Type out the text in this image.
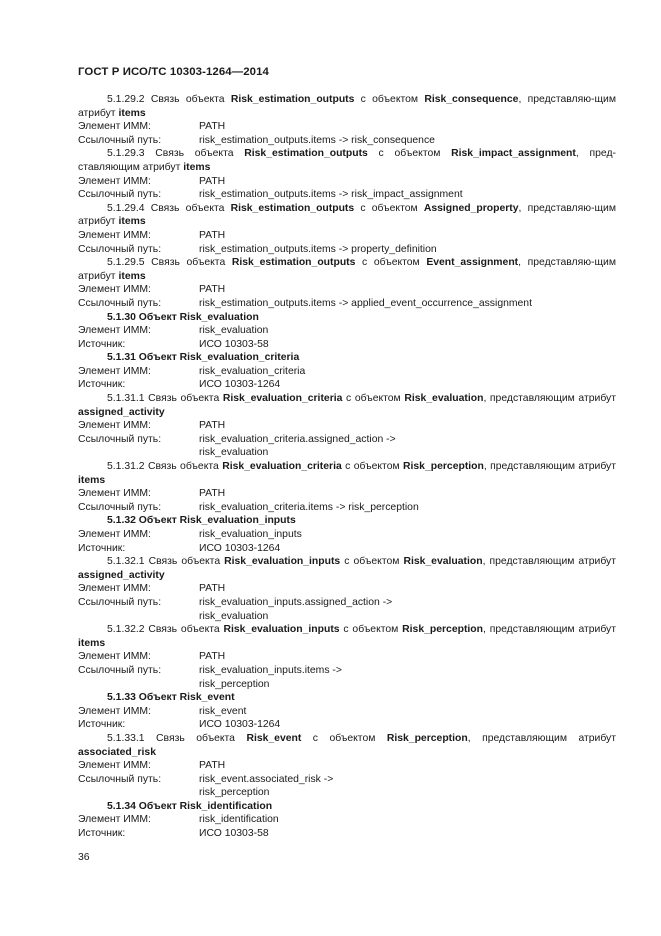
ГОСТ Р ИСО/ТС 10303-1264—2014
5.1.29.2 Связь объекта Risk_estimation_outputs с объектом Risk_consequence, представляю-щим атрибут items
Элемент ИММ:	PATH
Ссылочный путь:	risk_estimation_outputs.items -> risk_consequence
5.1.29.3 Связь объекта Risk_estimation_outputs с объектом Risk_impact_assignment, пред-ставляющим атрибут items
Элемент ИММ:	PATH
Ссылочный путь:	risk_estimation_outputs.items -> risk_impact_assignment
5.1.29.4 Связь объекта Risk_estimation_outputs с объектом Assigned_property, представляю-щим атрибут items
Элемент ИММ:	PATH
Ссылочный путь:	risk_estimation_outputs.items -> property_definition
5.1.29.5 Связь объекта Risk_estimation_outputs с объектом Event_assignment, представляю-щим атрибут items
Элемент ИММ:	PATH
Ссылочный путь:	risk_estimation_outputs.items -> applied_event_occurrence_assignment
5.1.30 Объект Risk_evaluation
Элемент ИММ:	risk_evaluation
Источник:	ИСО 10303-58
5.1.31 Объект Risk_evaluation_criteria
Элемент ИММ:	risk_evaluation_criteria
Источник:	ИСО 10303-1264
5.1.31.1 Связь объекта Risk_evaluation_criteria с объектом Risk_evaluation, представляющим атрибут assigned_activity
Элемент ИММ:	PATH
Ссылочный путь:	risk_evaluation_criteria.assigned_action ->
risk_evaluation
5.1.31.2 Связь объекта Risk_evaluation_criteria с объектом Risk_perception, представляющим атрибут items
Элемент ИММ:	PATH
Ссылочный путь:	risk_evaluation_criteria.items -> risk_perception
5.1.32 Объект Risk_evaluation_inputs
Элемент ИММ:	risk_evaluation_inputs
Источник:	ИСО 10303-1264
5.1.32.1 Связь объекта Risk_evaluation_inputs с объектом Risk_evaluation, представляющим атрибут assigned_activity
Элемент ИММ:	PATH
Ссылочный путь:	risk_evaluation_inputs.assigned_action ->
risk_evaluation
5.1.32.2 Связь объекта Risk_evaluation_inputs с объектом Risk_perception, представляющим атрибут items
Элемент ИММ:	PATH
Ссылочный путь:	risk_evaluation_inputs.items ->
risk_perception
5.1.33 Объект Risk_event
Элемент ИММ:	risk_event
Источник:	ИСО 10303-1264
5.1.33.1 Связь объекта Risk_event с объектом Risk_perception, представляющим атрибут associated_risk
Элемент ИММ:	PATH
Ссылочный путь:	risk_event.associated_risk ->
risk_perception
5.1.34 Объект Risk_identification
Элемент ИММ:	risk_identification
Источник:	ИСО 10303-58
36
